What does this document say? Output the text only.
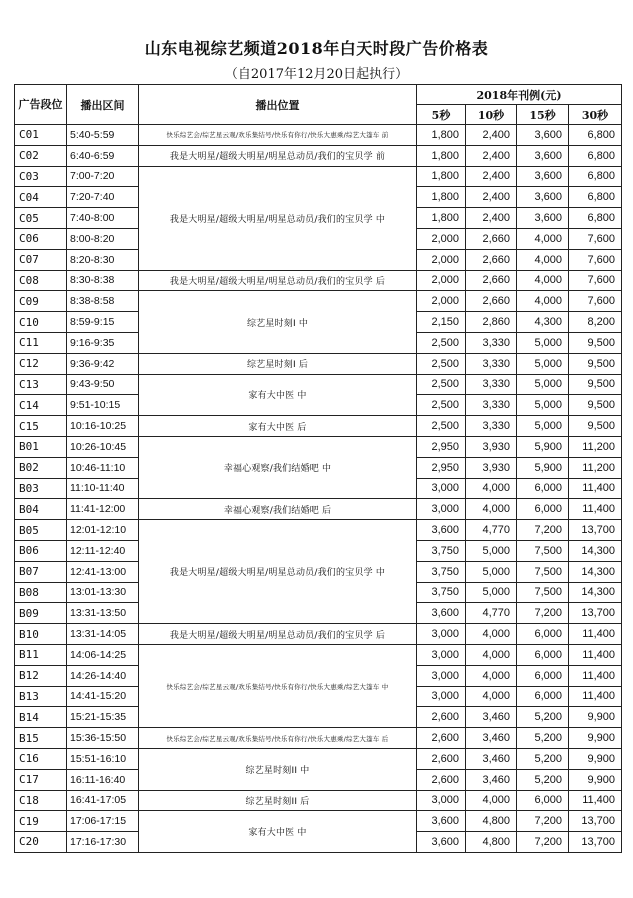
山东电视综艺频道2018年白天时段广告价格表
（自2017年12月20日起执行）
广告段位	播出区间	播出位置	2018年刊例(元)			
			5秒	10秒	15秒	30秒
C01	5:40-5:59	快乐综艺会/综艺星云观/欢乐集结号/快乐有你行/快乐大惠乘/综艺大篷车 前	1,800	2,400	3,600	6,800
C02	6:40-6:59	我是大明星/超级大明星/明星总动员/我们的宝贝学 前	1,800	2,400	3,600	6,800
C03	7:00-7:20	我是大明星/超级大明星/明星总动员/我们的宝贝学 中	1,800	2,400	3,600	6,800
C04	7:20-7:40		1,800	2,400	3,600	6,800
C05	7:40-8:00		1,800	2,400	3,600	6,800
C06	8:00-8:20		2,000	2,660	4,000	7,600
C07	8:20-8:30		2,000	2,660	4,000	7,600
C08	8:30-8:38	我是大明星/超级大明星/明星总动员/我们的宝贝学 后	2,000	2,660	4,000	7,600
C09	8:38-8:58	综艺星时刻I 中	2,000	2,660	4,000	7,600
C10	8:59-9:15		2,150	2,860	4,300	8,200
C11	9:16-9:35		2,500	3,330	5,000	9,500
C12	9:36-9:42	综艺星时刻I 后	2,500	3,330	5,000	9,500
C13	9:43-9:50	家有大中医 中	2,500	3,330	5,000	9,500
C14	9:51-10:15		2,500	3,330	5,000	9,500
C15	10:16-10:25	家有大中医 后	2,500	3,330	5,000	9,500
B01	10:26-10:45	幸福心观察/我们结婚吧 中	2,950	3,930	5,900	11,200
B02	10:46-11:10		2,950	3,930	5,900	11,200
B03	11:10-11:40		3,000	4,000	6,000	11,400
B04	11:41-12:00	幸福心观察/我们结婚吧 后	3,000	4,000	6,000	11,400
B05	12:01-12:10	我是大明星/超级大明星/明星总动员/我们的宝贝学 中	3,600	4,770	7,200	13,700
B06	12:11-12:40		3,750	5,000	7,500	14,300
B07	12:41-13:00		3,750	5,000	7,500	14,300
B08	13:01-13:30		3,750	5,000	7,500	14,300
B09	13:31-13:50		3,600	4,770	7,200	13,700
B10	13:31-14:05	我是大明星/超级大明星/明星总动员/我们的宝贝学 后	3,000	4,000	6,000	11,400
B11	14:06-14:25	快乐综艺会/综艺星云观/欢乐集结号/快乐有你行/快乐大惠乘/综艺大篷车 中	3,000	4,000	6,000	11,400
B12	14:26-14:40		3,000	4,000	6,000	11,400
B13	14:41-15:20		3,000	4,000	6,000	11,400
B14	15:21-15:35		2,600	3,460	5,200	9,900
B15	15:36-15:50	快乐综艺会/综艺星云观/欢乐集结号/快乐有你行/快乐大惠乘/综艺大篷车 后	2,600	3,460	5,200	9,900
C16	15:51-16:10	综艺星时刻II 中	2,600	3,460	5,200	9,900
C17	16:11-16:40		2,600	3,460	5,200	9,900
C18	16:41-17:05	综艺星时刻II 后	3,000	4,000	6,000	11,400
C19	17:06-17:15	家有大中医 中	3,600	4,800	7,200	13,700
C20	17:16-17:30		3,600	4,800	7,200	13,700
